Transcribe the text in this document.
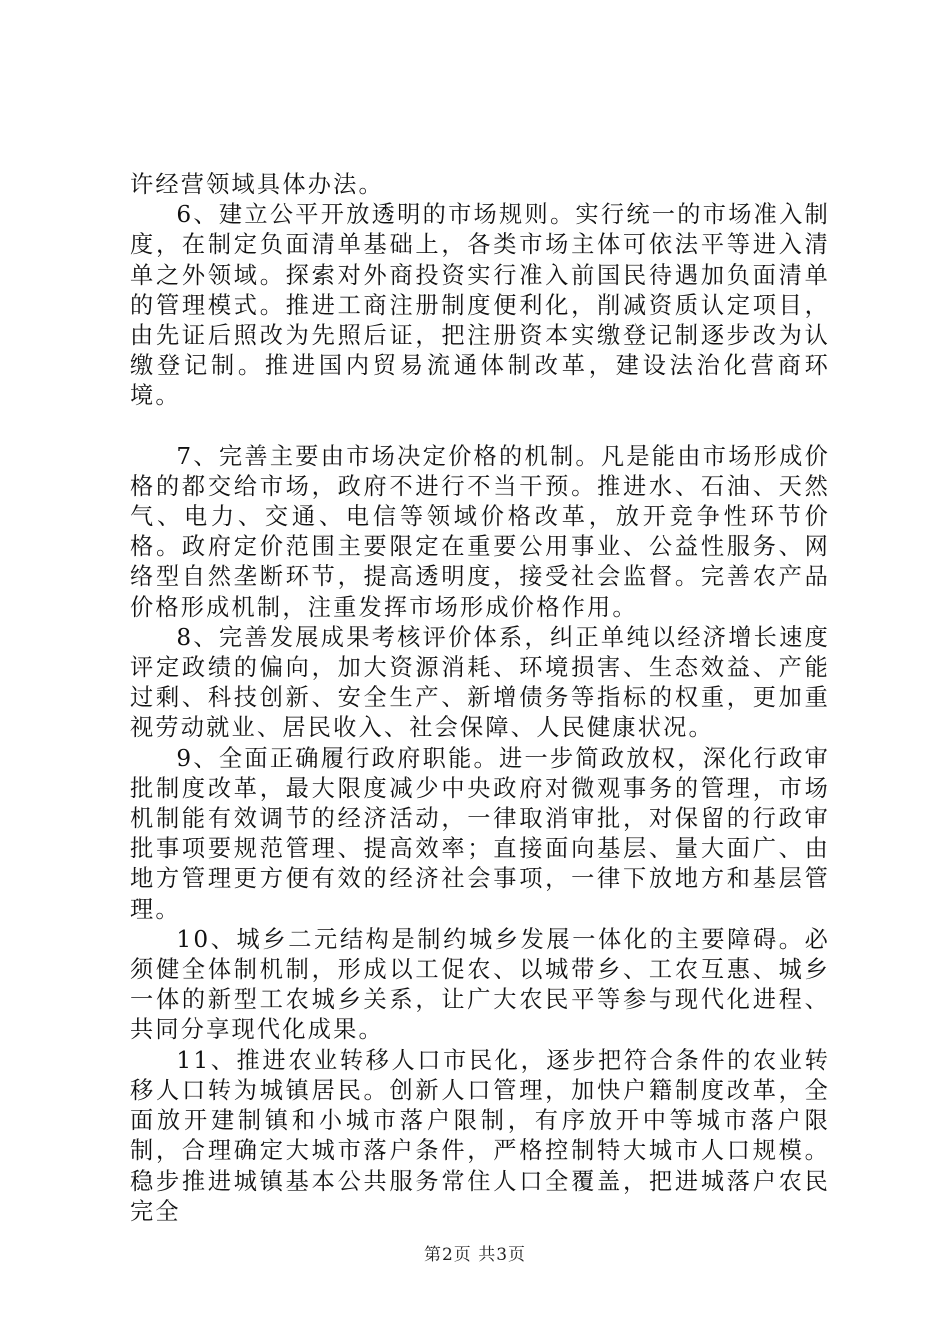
许经营领域具体办法。

6、建立公平开放透明的市场规则。实行统一的市场准入制度，在制定负面清单基础上，各类市场主体可依法平等进入清单之外领域。探索对外商投资实行准入前国民待遇加负面清单的管理模式。推进工商注册制度便利化，削减资质认定项目，由先证后照改为先照后证，把注册资本实缴登记制逐步改为认缴登记制。推进国内贸易流通体制改革，建设法治化营商环境。

7、完善主要由市场决定价格的机制。凡是能由市场形成价格的都交给市场，政府不进行不当干预。推进水、石油、天然气、电力、交通、电信等领域价格改革，放开竞争性环节价格。政府定价范围主要限定在重要公用事业、公益性服务、网络型自然垄断环节，提高透明度，接受社会监督。完善农产品价格形成机制，注重发挥市场形成价格作用。

8、完善发展成果考核评价体系，纠正单纯以经济增长速度评定政绩的偏向，加大资源消耗、环境损害、生态效益、产能过剩、科技创新、安全生产、新增债务等指标的权重，更加重视劳动就业、居民收入、社会保障、人民健康状况。

9、全面正确履行政府职能。进一步简政放权，深化行政审批制度改革，最大限度减少中央政府对微观事务的管理，市场机制能有效调节的经济活动，一律取消审批，对保留的行政审批事项要规范管理、提高效率；直接面向基层、量大面广、由地方管理更方便有效的经济社会事项，一律下放地方和基层管理。

10、城乡二元结构是制约城乡发展一体化的主要障碍。必须健全体制机制，形成以工促农、以城带乡、工农互惠、城乡一体的新型工农城乡关系，让广大农民平等参与现代化进程、共同分享现代化成果。

11、推进农业转移人口市民化，逐步把符合条件的农业转移人口转为城镇居民。创新人口管理，加快户籍制度改革，全面放开建制镇和小城市落户限制，有序放开中等城市落户限制，合理确定大城市落户条件，严格控制特大城市人口规模。稳步推进城镇基本公共服务常住人口全覆盖，把进城落户农民完全

第2页 共3页
